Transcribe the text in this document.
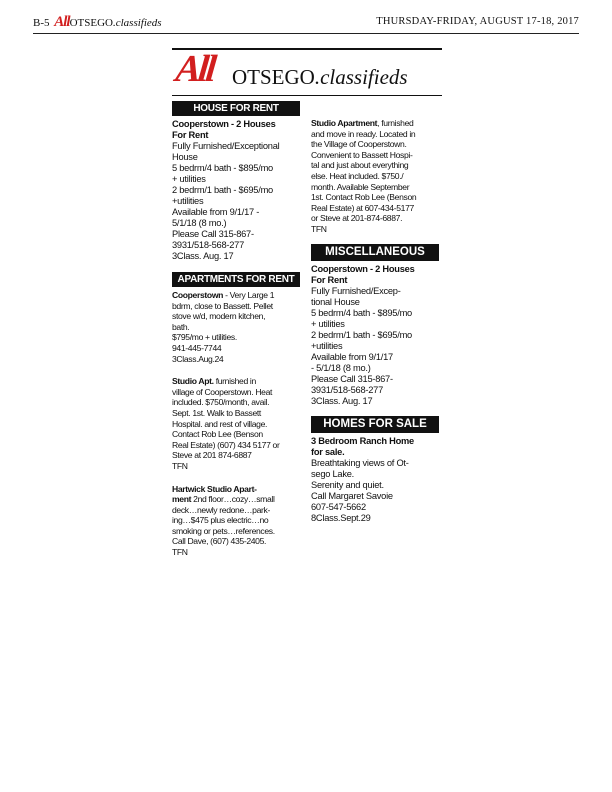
B-5 AllOTSEGO.classifieds	THURSDAY-FRIDAY, AUGUST 17-18, 2017
All OTSEGO.classifieds
HOUSE FOR RENT
Cooperstown - 2 Houses
For Rent
Fully Furnished/Exceptional
House
5 bedrm/4 bath - $895/mo
+ utilities
2 bedrm/1 bath - $695/mo
+utilities
Available from 9/1/17 -
5/1/18 (8 mo.)
Please Call 315-867-
3931/518-568-277
3Class. Aug. 17
APARTMENTS FOR RENT
Cooperstown - Very Large 1
bdrm, close to Bassett. Pellet
stove w/d, modern kitchen,
bath.
$795/mo + utilities.
941-445-7744
3Class.Aug.24
Studio Apt. furnished in
village of Cooperstown. Heat
included. $750/month, avail.
Sept. 1st. Walk to Bassett
Hospital. and rest of village.
Contact Rob Lee (Benson
Real Estate) (607) 434 5177 or
Steve at 201 874-6887
TFN
Hartwick Studio Apart-
ment 2nd floor…cozy…small
deck…newly redone…park-
ing…$475 plus electric…no
smoking or pets…references.
Call Dave, (607) 435-2405.
TFN
Studio Apartment, furnished
and move in ready. Located in
the Village of Cooperstown.
Convenient to Bassett Hospi-
tal and just about everything
else. Heat included. $750./
month. Available September
1st. Contact Rob Lee (Benson
Real Estate) at 607-434-5177
or Steve at 201-874-6887.
TFN
MISCELLANEOUS
Cooperstown - 2 Houses
For Rent
Fully Furnished/Excep-
tional House
5 bedrm/4 bath - $895/mo
+ utilities
2 bedrm/1 bath - $695/mo
+utilities
Available from 9/1/17
- 5/1/18 (8 mo.)
Please Call 315-867-
3931/518-568-277
3Class. Aug. 17
HOMES FOR SALE
3 Bedroom Ranch Home
for sale.
Breathtaking views of Ot-
sego Lake.
Serenity and quiet.
Call Margaret Savoie
607-547-5662
8Class.Sept.29
